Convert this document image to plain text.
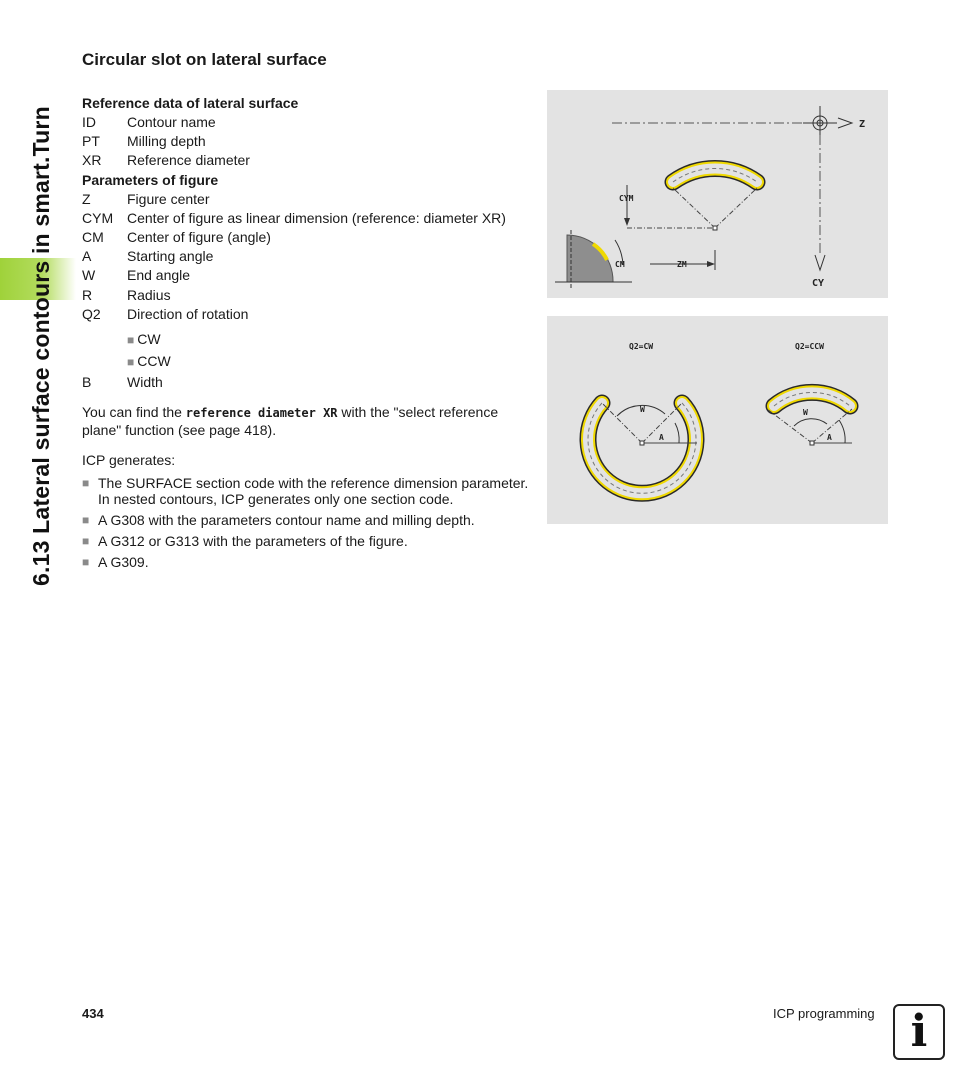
6.13 Lateral surface contours in smart.Turn
Circular slot on lateral surface
Reference data of lateral surface
ID	Contour name
PT	Milling depth
XR	Reference diameter
Parameters of figure
Z	Figure center
CYM Center of figure as linear dimension (reference: diameter XR)
CM	Center of figure (angle)
A	Starting angle
W	End angle
R	Radius
Q2	Direction of rotation
■ CW
■ CCW
B	Width

You can find the reference diameter XR with the "select reference plane" function (see page 418).

ICP generates:

■ The SURFACE section code with the reference dimension parameter. In nested contours, ICP generates only one section code.
■ A G308 with the parameters contour name and milling depth.
■ A G312 or G313 with the parameters of the figure.
■ A G309.
Z
CY
CYM
CM	ZM
Q2=CW	Q2=CCW
W
A
W
A
434	ICP programming i
